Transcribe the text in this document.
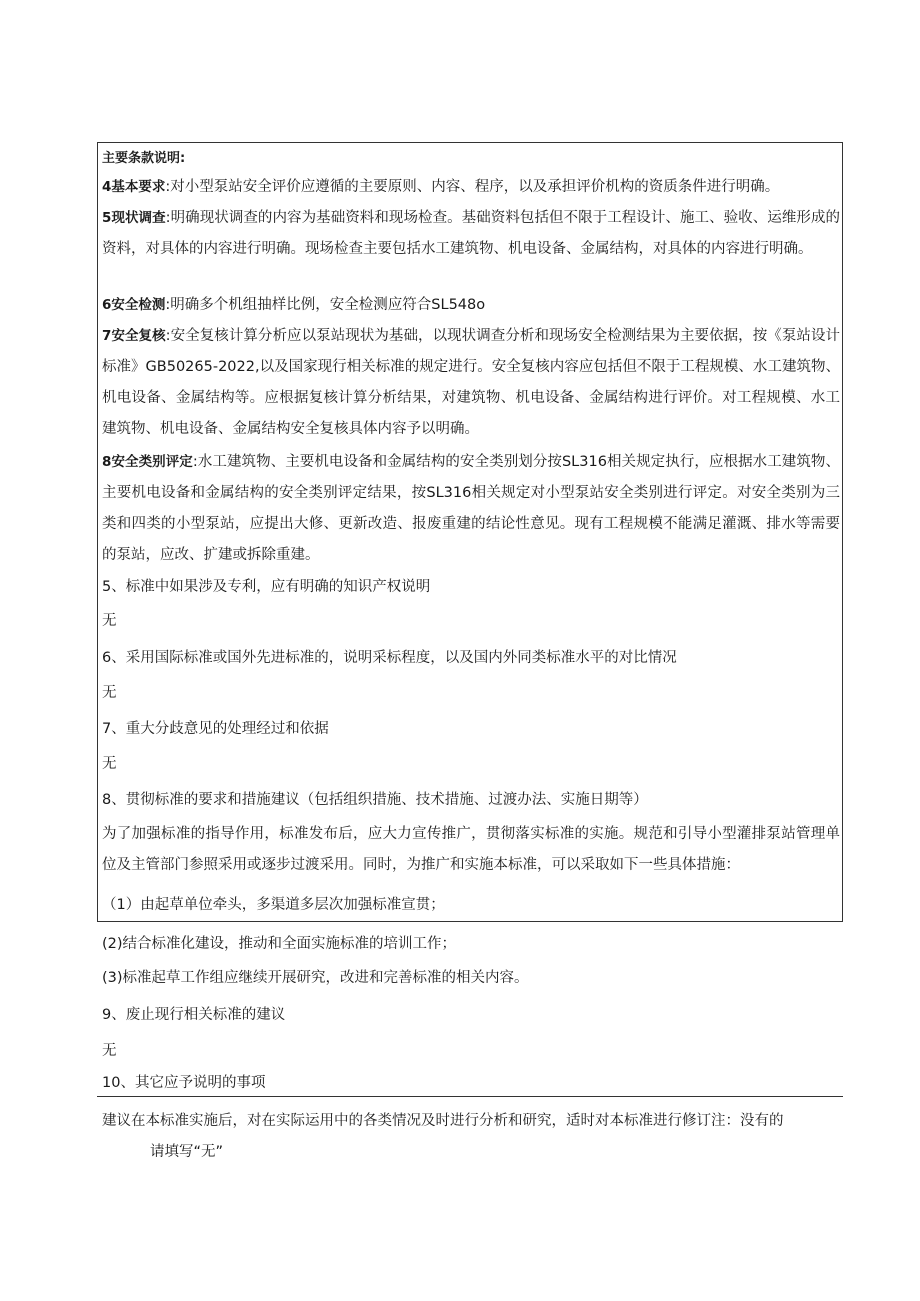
主要条款说明:

4基本要求:对小型泵站安全评价应遵循的主要原则、内容、程序，以及承担评价机构的资质条件进行明确。

5现状调查:明确现状调查的内容为基础资料和现场检查。基础资料包括但不限于工程设计、施工、验收、运维形成的资料，对具体的内容进行明确。现场检查主要包括水工建筑物、机电设备、金属结构，对具体的内容进行明确。

6安全检测:明确多个机组抽样比例，安全检测应符合SL548o

7安全复核:安全复核计算分析应以泵站现状为基础，以现状调查分析和现场安全检测结果为主要依据，按《泵站设计标准》GB50265-2022,以及国家现行相关标准的规定进行。安全复核内容应包括但不限于工程规模、水工建筑物、机电设备、金属结构等。应根据复核计算分析结果，对建筑物、机电设备、金属结构进行评价。对工程规模、水工建筑物、机电设备、金属结构安全复核具体内容予以明确。

8安全类别评定:水工建筑物、主要机电设备和金属结构的安全类别划分按SL316相关规定执行，应根据水工建筑物、主要机电设备和金属结构的安全类别评定结果，按SL316相关规定对小型泵站安全类别进行评定。对安全类别为三类和四类的小型泵站，应提出大修、更新改造、报废重建的结论性意见。现有工程规模不能满足灌溉、排水等需要的泵站，应改、扩建或拆除重建。

5、标准中如果涉及专利，应有明确的知识产权说明

无

6、采用国际标准或国外先进标准的，说明采标程度，以及国内外同类标准水平的对比情况

无

7、重大分歧意见的处理经过和依据

无

8、贯彻标准的要求和措施建议（包括组织措施、技术措施、过渡办法、实施日期等）

为了加强标准的指导作用，标准发布后，应大力宣传推广，贯彻落实标准的实施。规范和引导小型灌排泵站管理单位及主管部门参照采用或逐步过渡采用。同时，为推广和实施本标准，可以采取如下一些具体措施：

（1）由起草单位牵头，多渠道多层次加强标准宣贯；

(2)结合标准化建设，推动和全面实施标准的培训工作；

(3)标准起草工作组应继续开展研究，改进和完善标准的相关内容。

9、废止现行相关标准的建议

无

10、其它应予说明的事项

建议在本标准实施后，对在实际运用中的各类情况及时进行分析和研究，适时对本标准进行修订注：没有的

请填写“无”
